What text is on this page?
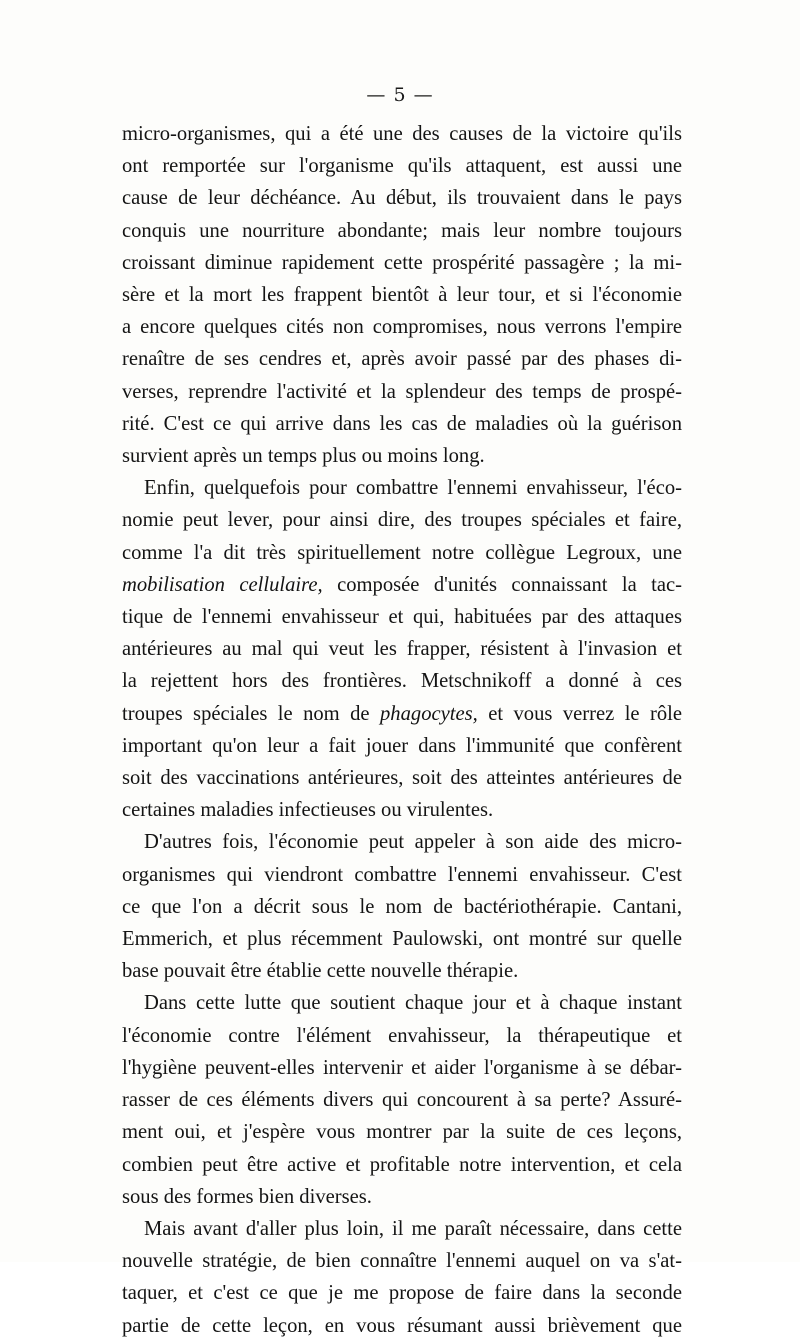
— 5 —
micro-organismes, qui a été une des causes de la victoire qu'ils
ont remportée sur l'organisme qu'ils attaquent, est aussi une
cause de leur déchéance. Au début, ils trouvaient dans le pays
conquis une nourriture abondante; mais leur nombre toujours
croissant diminue rapidement cette prospérité passagère ; la mi-
sère et la mort les frappent bientôt à leur tour, et si l'économie
a encore quelques cités non compromises, nous verrons l'empire
renaître de ses cendres et, après avoir passé par des phases di-
verses, reprendre l'activité et la splendeur des temps de prospé-
rité. C'est ce qui arrive dans les cas de maladies où la guérison
survient après un temps plus ou moins long.
Enfin, quelquefois pour combattre l'ennemi envahisseur, l'éco-
nomie peut lever, pour ainsi dire, des troupes spéciales et faire,
comme l'a dit très spirituellement notre collègue Legroux, une
mobilisation cellulaire, composée d'unités connaissant la tac-
tique de l'ennemi envahisseur et qui, habituées par des attaques
antérieures au mal qui veut les frapper, résistent à l'invasion et
la rejettent hors des frontières. Metschnikoff a donné à ces
troupes spéciales le nom de phagocytes, et vous verrez le rôle
important qu'on leur a fait jouer dans l'immunité que confèrent
soit des vaccinations antérieures, soit des atteintes antérieures de
certaines maladies infectieuses ou virulentes.
D'autres fois, l'économie peut appeler à son aide des micro-
organismes qui viendront combattre l'ennemi envahisseur. C'est
ce que l'on a décrit sous le nom de bactériothérapie. Cantani,
Emmerich, et plus récemment Paulowski, ont montré sur quelle
base pouvait être établie cette nouvelle thérapie.
Dans cette lutte que soutient chaque jour et à chaque instant
l'économie contre l'élément envahisseur, la thérapeutique et
l'hygiène peuvent-elles intervenir et aider l'organisme à se débar-
rasser de ces éléments divers qui concourent à sa perte? Assuré-
ment oui, et j'espère vous montrer par la suite de ces leçons,
combien peut être active et profitable notre intervention, et cela
sous des formes bien diverses.
Mais avant d'aller plus loin, il me paraît nécessaire, dans cette
nouvelle stratégie, de bien connaître l'ennemi auquel on va s'at-
taquer, et c'est ce que je me propose de faire dans la seconde
partie de cette leçon, en vous résumant aussi brièvement que
